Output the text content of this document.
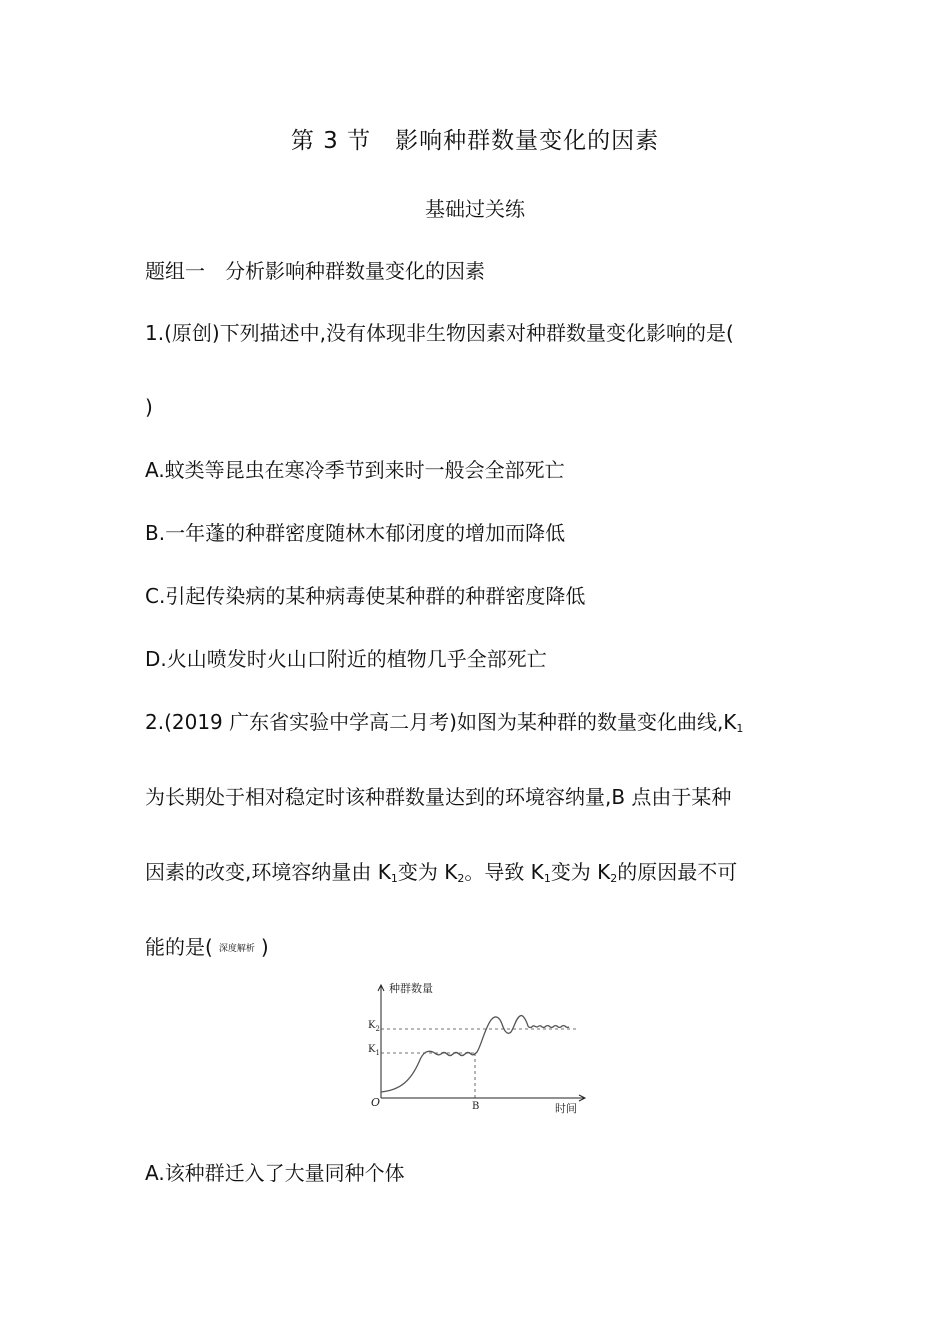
第 3 节　影响种群数量变化的因素
基础过关练
题组一　分析影响种群数量变化的因素
1.(原创)下列描述中,没有体现非生物因素对种群数量变化影响的是(
)
A.蚊类等昆虫在寒冷季节到来时一般会全部死亡
B.一年蓬的种群密度随林木郁闭度的增加而降低
C.引起传染病的某种病毒使某种群的种群密度降低
D.火山喷发时火山口附近的植物几乎全部死亡
2.(2019 广东省实验中学高二月考)如图为某种群的数量变化曲线$,K_1$
为长期处于相对稳定时该种群数量达到的环境容纳量,B 点由于某种
因素的改变,环境容纳量由 $K_1$变为 $K_2$。导致 $K_1$变为 $K_2$的原因最不可
能的是( 深度解析 )
种群数量
时间
$K_2$
$K_1$
O	B
A.该种群迁入了大量同种个体
